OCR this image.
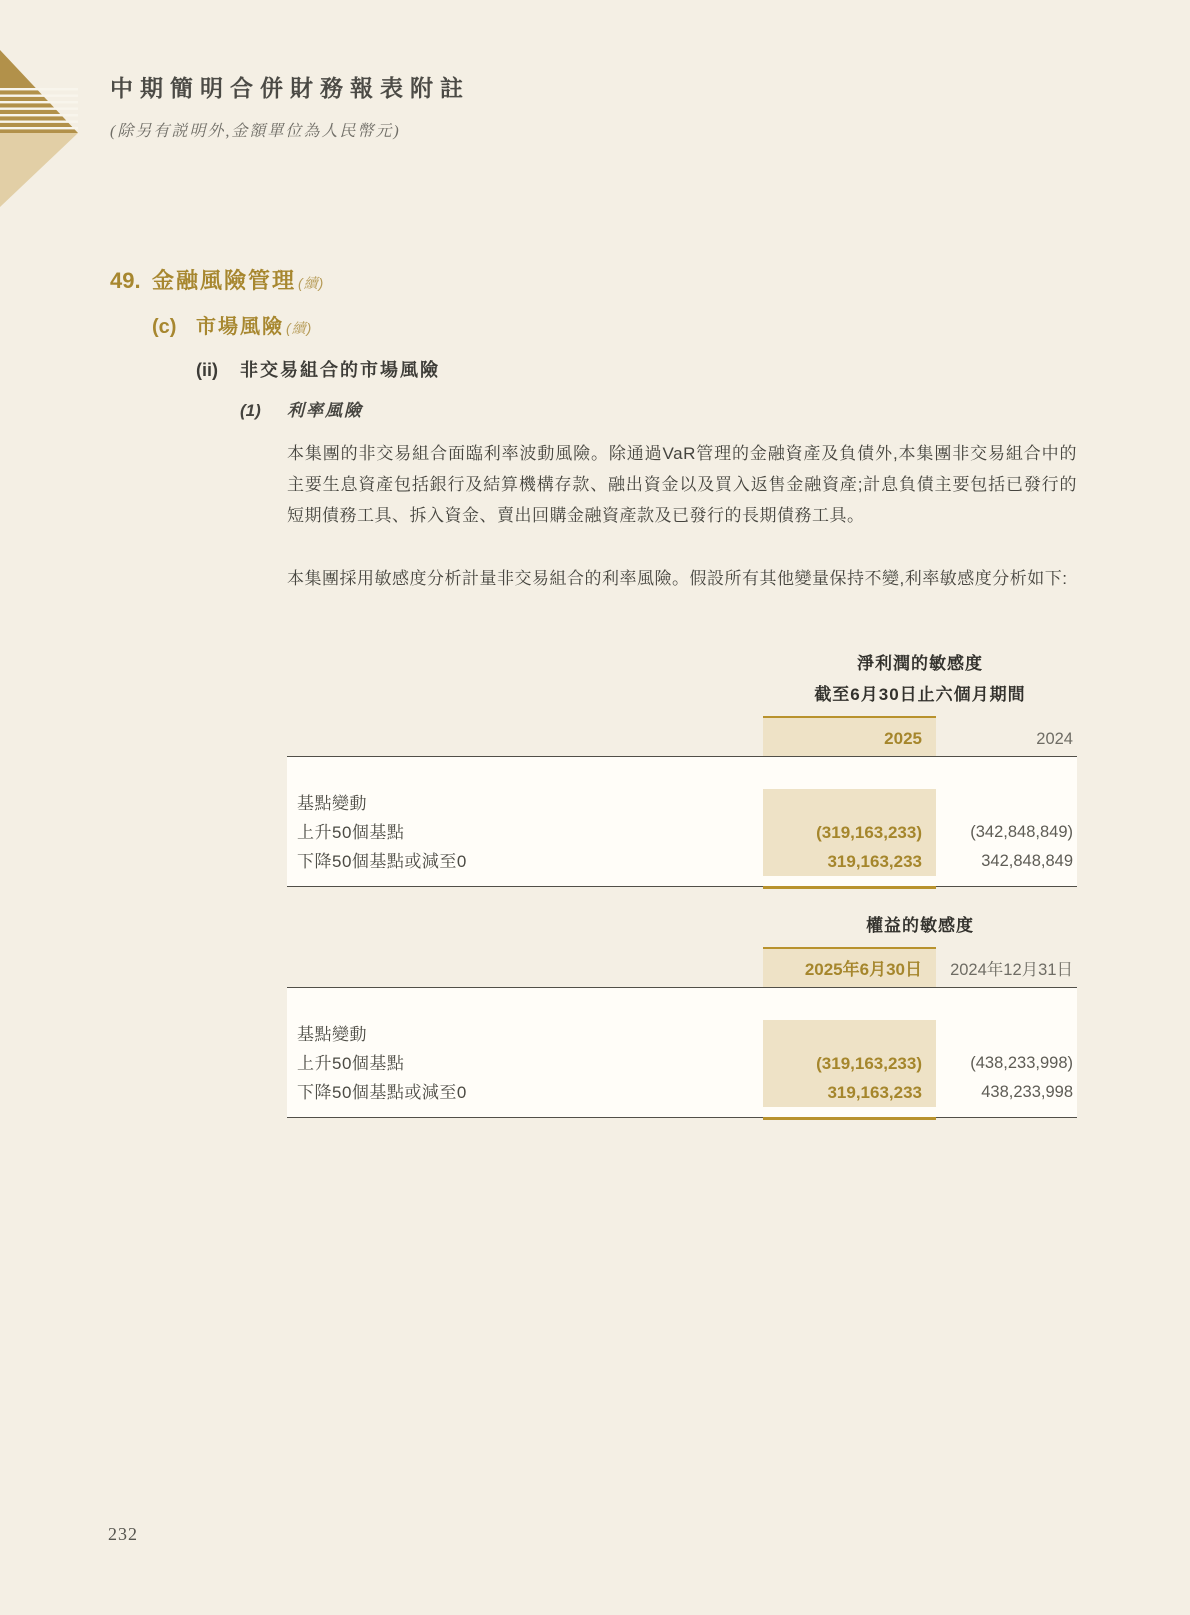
中期簡明合併財務報表附註
(除另有説明外,金額單位為人民幣元)
49. 金融風險管理 (續)
(c) 市場風險 (續)
(ii)	非交易組合的市場風險
(1)	利率風險

本集團的非交易組合面臨利率波動風險。除通過VaR管理的金融資產及負債外,本集團非交易組合中的主要生息資產包括銀行及結算機構存款、融出資金以及買入返售金融資產;計息負債主要包括已發行的短期債務工具、拆入資金、賣出回購金融資產款及已發行的長期債務工具。

本集團採用敏感度分析計量非交易組合的利率風險。假設所有其他變量保持不變,利率敏感度分析如下:

淨利潤的敏感度
截至6月30日止六個月期間
2025	2024
基點變動
上升50個基點	(319,163,233)	(342,848,849)
下降50個基點或減至0	319,163,233	342,848,849
權益的敏感度
2025年6月30日	2024年12月31日
基點變動
上升50個基點	(319,163,233)	(438,233,998)
下降50個基點或減至0	319,163,233	438,233,998
232
